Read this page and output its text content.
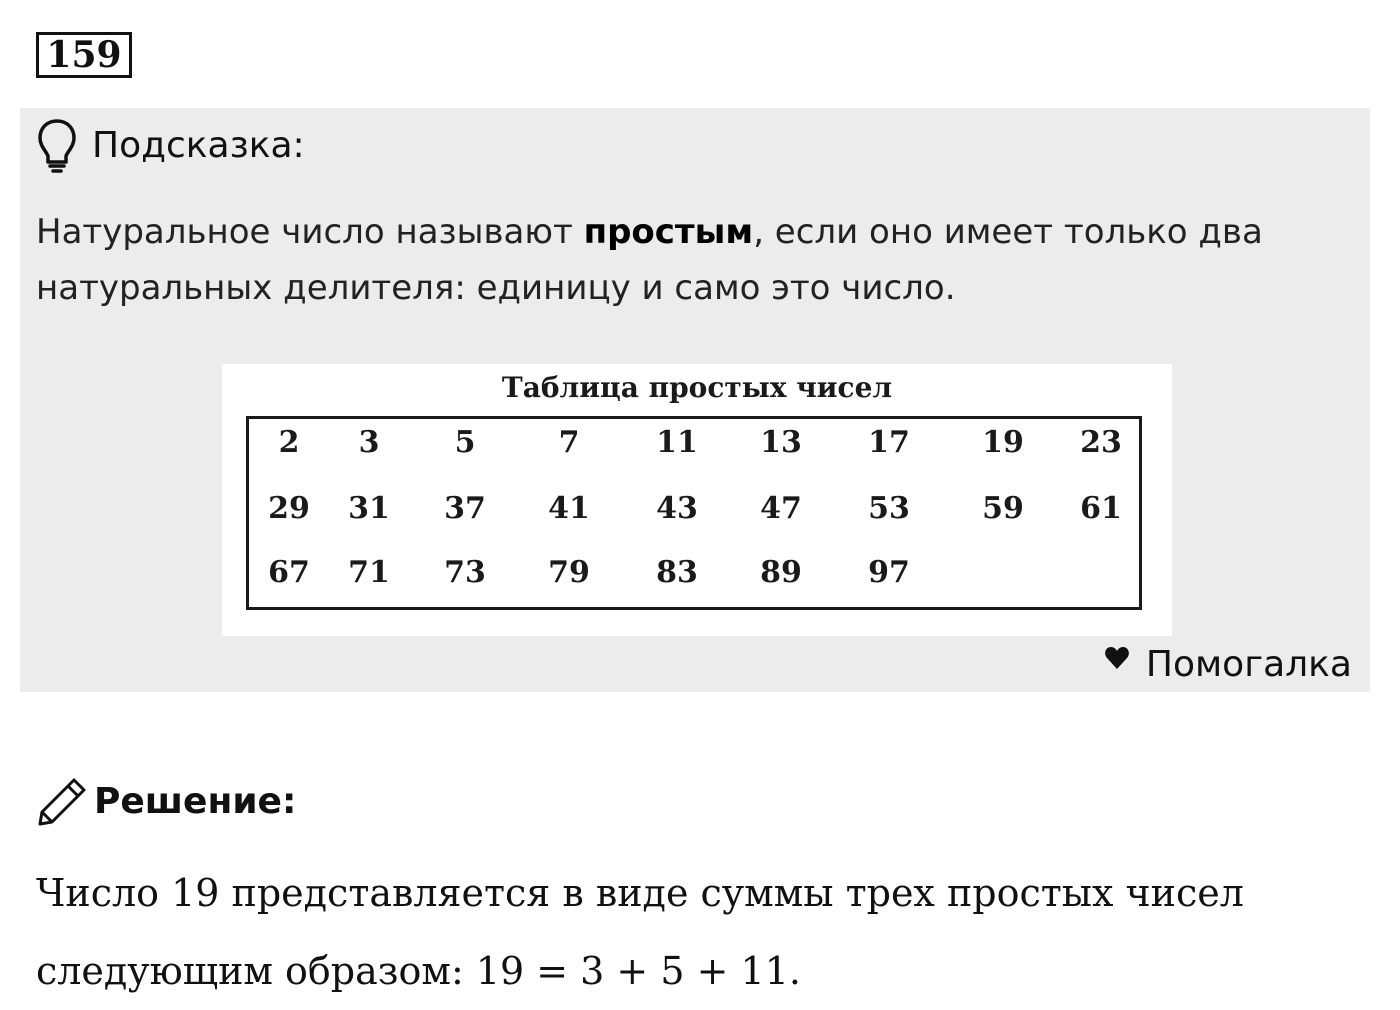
159
Подсказка:
Натуральное число называют простым, если оно имеет только два натуральных делителя: единицу и само это число.
Таблица простых чисел
2 3	5	7	11 13 17 19 23
29 31 37 41 43 47 53 59 61
67 71 73 79 83 89 97
Помогалка
Решение:
Число 19 представляется в виде суммы трех простых чисел следующим образом: 19 = 3 + 5 + 11.
